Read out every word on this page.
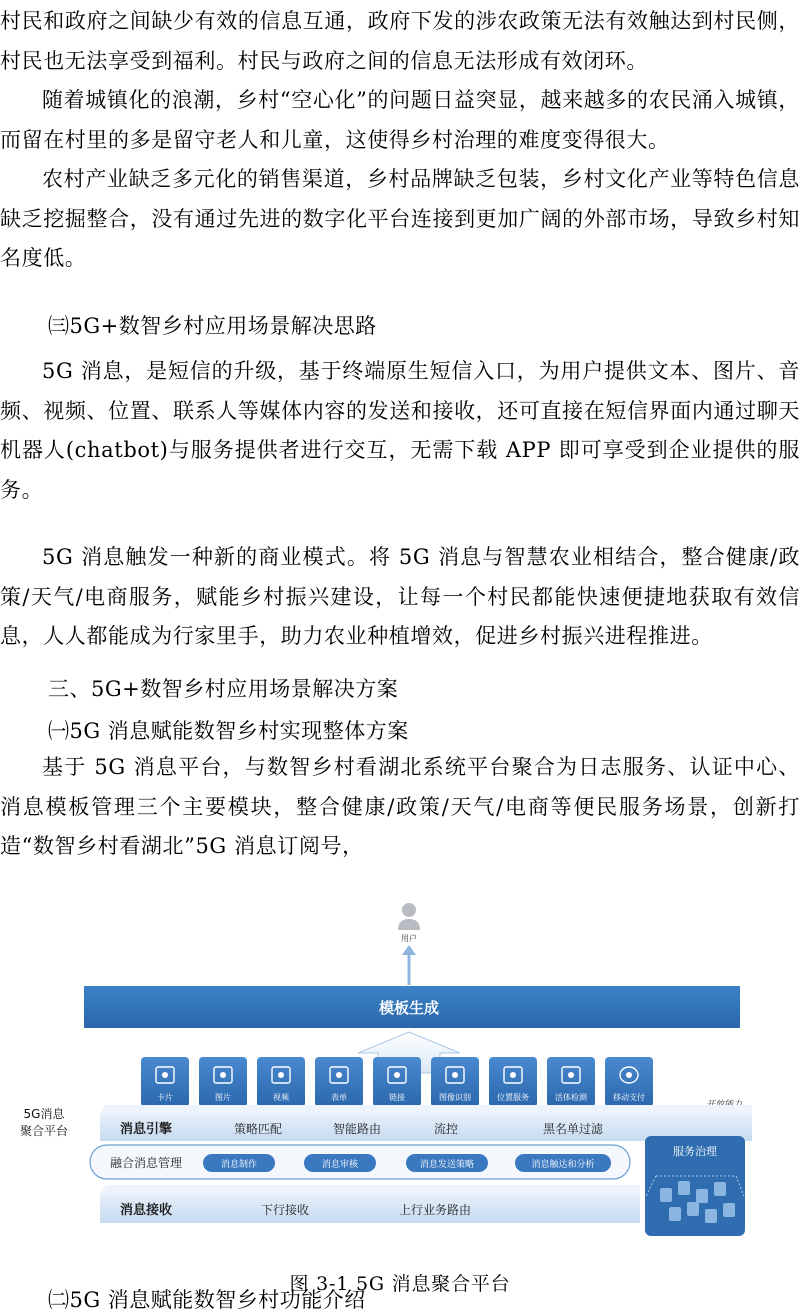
村民和政府之间缺少有效的信息互通，政府下发的涉农政策无法有效触达到村民侧，村民也无法享受到福利。村民与政府之间的信息无法形成有效闭环。

随着城镇化的浪潮，乡村“空心化”的问题日益突显，越来越多的农民涌入城镇，而留在村里的多是留守老人和儿童，这使得乡村治理的难度变得很大。

农村产业缺乏多元化的销售渠道，乡村品牌缺乏包装，乡村文化产业等特色信息缺乏挖掘整合，没有通过先进的数字化平台连接到更加广阔的外部市场，导致乡村知名度低。

㈢5G+数智乡村应用场景解决思路

5G 消息，是短信的升级，基于终端原生短信入口，为用户提供文本、图片、音频、视频、位置、联系人等媒体内容的发送和接收，还可直接在短信界面内通过聊天机器人(chatbot)与服务提供者进行交互，无需下载 APP 即可享受到企业提供的服务。

5G 消息触发一种新的商业模式。将 5G 消息与智慧农业相结合，整合健康/政策/天气/电商服务，赋能乡村振兴建设，让每一个村民都能快速便捷地获取有效信息，人人都能成为行家里手，助力农业种植增效，促进乡村振兴进程推进。

三、5G+数智乡村应用场景解决方案

㈠5G 消息赋能数智乡村实现整体方案

基于 5G 消息平台，与数智乡村看湖北系统平台聚合为日志服务、认证中心、消息模板管理三个主要模块，整合健康/政策/天气/电商等便民服务场景，创新打造“数智乡村看湖北”5G 消息订阅号，

用户
模板生成
5G消息
聚合平台
卡片	图片	视频	表单	链接	图像识别	位置服务	活体检测	移动支付
消息引擎	策略匹配	智能路由	流控	黑名单过滤
融合消息管理	消息制作	消息审核	消息发送策略	消息触达和分析
消息接收	下行接收	上行业务路由
服务治理

图 3-1 5G 消息聚合平台

㈡5G 消息赋能数智乡村功能介绍
